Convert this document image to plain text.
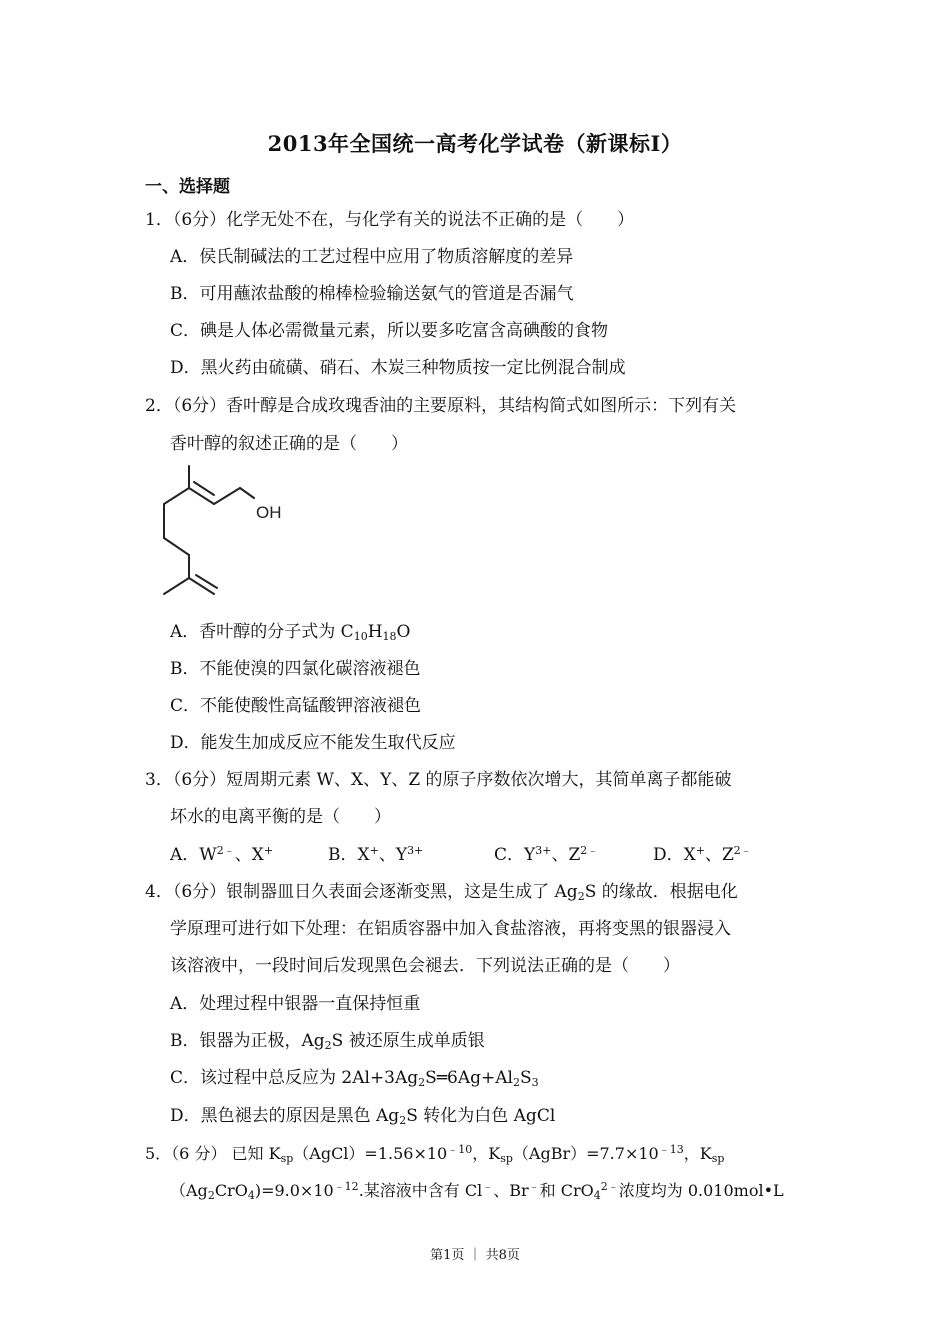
2013年全国统一高考化学试卷（新课标I）
一、选择题
1．（6分）化学无处不在，与化学有关的说法不正确的是（　　）
A．侯氏制碱法的工艺过程中应用了物质溶解度的差异
B．可用蘸浓盐酸的棉棒检验输送氨气的管道是否漏气
C．碘是人体必需微量元素，所以要多吃富含高碘酸的食物
D．黑火药由硫磺、硝石、木炭三种物质按一定比例混合制成
2．（6分）香叶醇是合成玫瑰香油的主要原料，其结构简式如图所示：下列有关
香叶醇的叙述正确的是（　　）
OH
A．香叶醇的分子式为 $C_{10}H_{18}O$
B．不能使溴的四氯化碳溶液褪色
C．不能使酸性高锰酸钾溶液褪色
D．能发生加成反应不能发生取代反应
3．（6分）短周期元素 W、X、Y、Z 的原子序数依次增大，其简单离子都能破
坏水的电离平衡的是（　　）
A．$W^{2﹣}$、X+	B．X+、$Y^{3+}$	C．$Y^{3+}$、$Z^{2﹣}$	D．X+、$Z^{2﹣}$
4．（6分）银制器皿日久表面会逐渐变黑，这是生成了 $Ag_2S$ 的缘故．根据电化
学原理可进行如下处理：在铝质容器中加入食盐溶液，再将变黑的银器浸入
该溶液中，一段时间后发现黑色会褪去．下列说法正确的是（　　）
A．处理过程中银器一直保持恒重
B．银器为正极，$Ag_2S$ 被还原生成单质银
C．该过程中总反应为 $2Al+3Ag_2S═6Ag+Al_2S_3$
D．黑色褪去的原因是黑色 $Ag_2S$ 转化为白色 AgCl
5．（6 分） 已知 $K_{sp}(AgCl)=1.56\times 10^{﹣10}$，$K_{sp}(AgBr)=7.7\times 10^{﹣13}$，$K_{sp}$
$(Ag_2CrO_4)=9.0\times 10^{﹣12}$.某溶液中含有 Cl﹣、Br﹣和 CrO$_4^{2﹣}$浓度均为 0.010mol•L
第1页 ｜ 共8页
